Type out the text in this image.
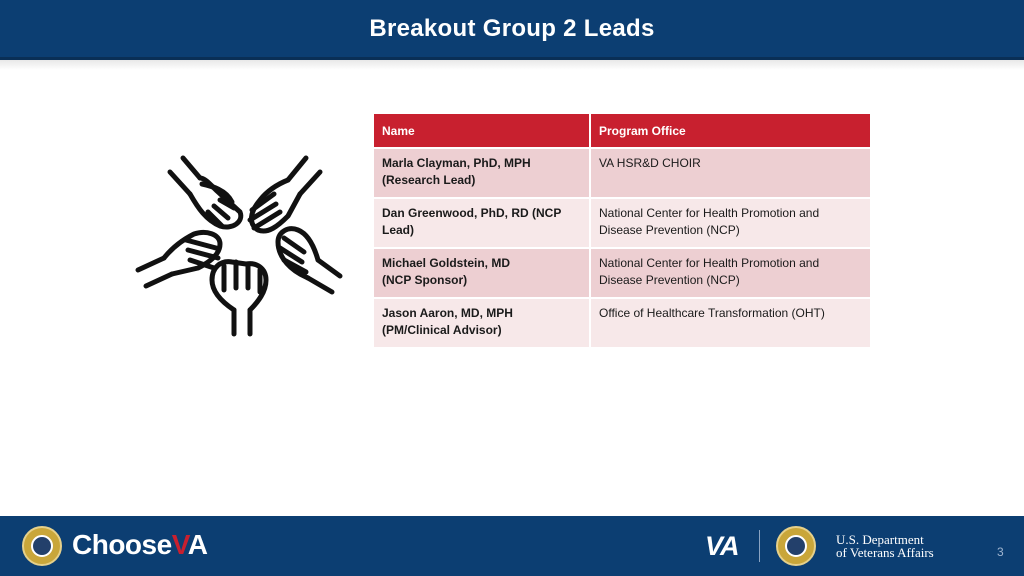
Breakout Group 2 Leads
Name	Program Office
Marla Clayman, PhD, MPH
(Research Lead)	VA HSR&D CHOIR

Dan Greenwood, PhD, RD (NCP
Lead)	National Center for Health Promotion and
Disease Prevention (NCP)
Michael Goldstein, MD
(NCP Sponsor)	National Center for Health Promotion and
Disease Prevention (NCP)
Jason Aaron, MD, MPH
(PM/Clinical Advisor)	Office of Healthcare Transformation (OHT)

ChooseVA	VA	U.S. Department
of Veterans Affairs	3
